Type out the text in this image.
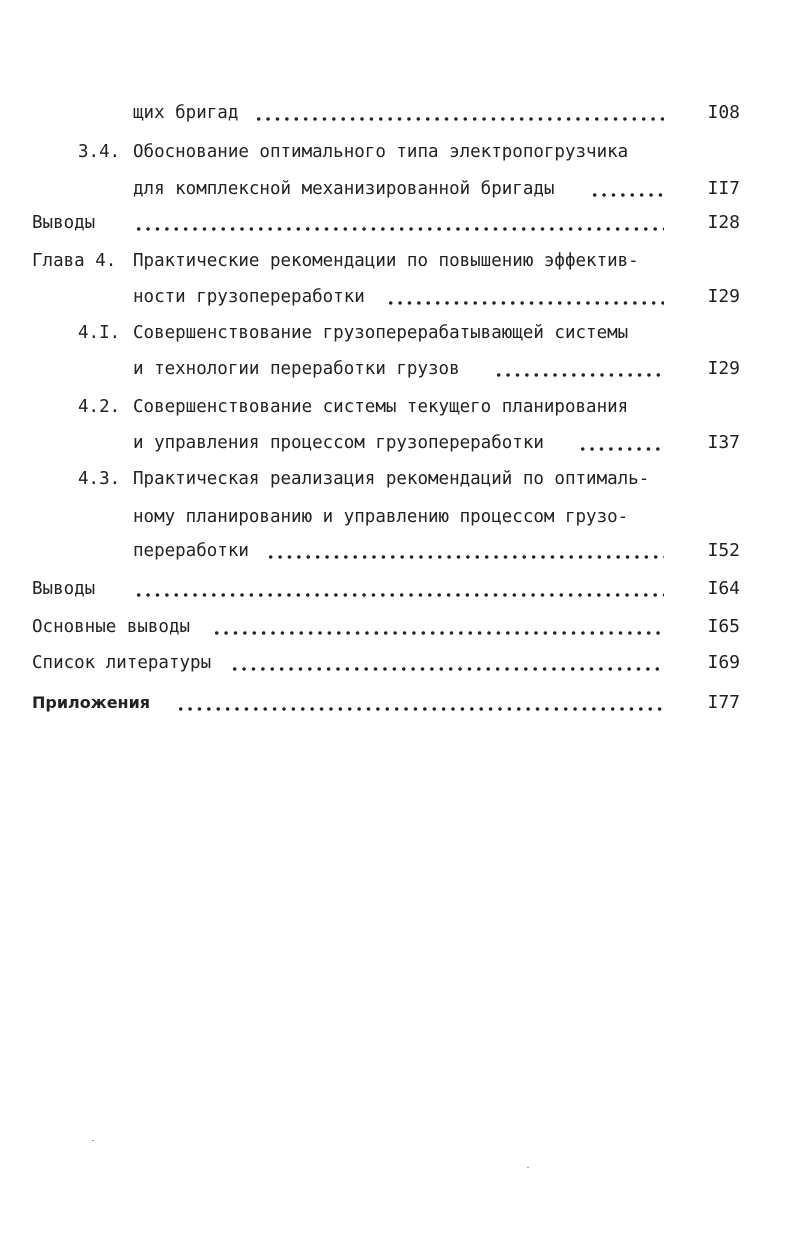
щих бригад	I08
3.4. Обоснование оптимального типа электропогрузчика
для комплексной механизированной бригады	II7
Выводы	I28
Глава 4. Практические рекомендации по повышению эффектив-
ности грузопереработки	I29
4.I. Совершенствование грузоперерабатывающей системы
и технологии переработки грузов	I29
4.2. Совершенствование системы текущего планирования
и управления процессом грузопереработки	I37
4.3. Практическая реализация рекомендаций по оптималь-
ному планированию и управлению процессом грузо-
переработки	I52
Выводы	I64
Основные выводы	I65
Список литературы	I69
Приложения	I77
